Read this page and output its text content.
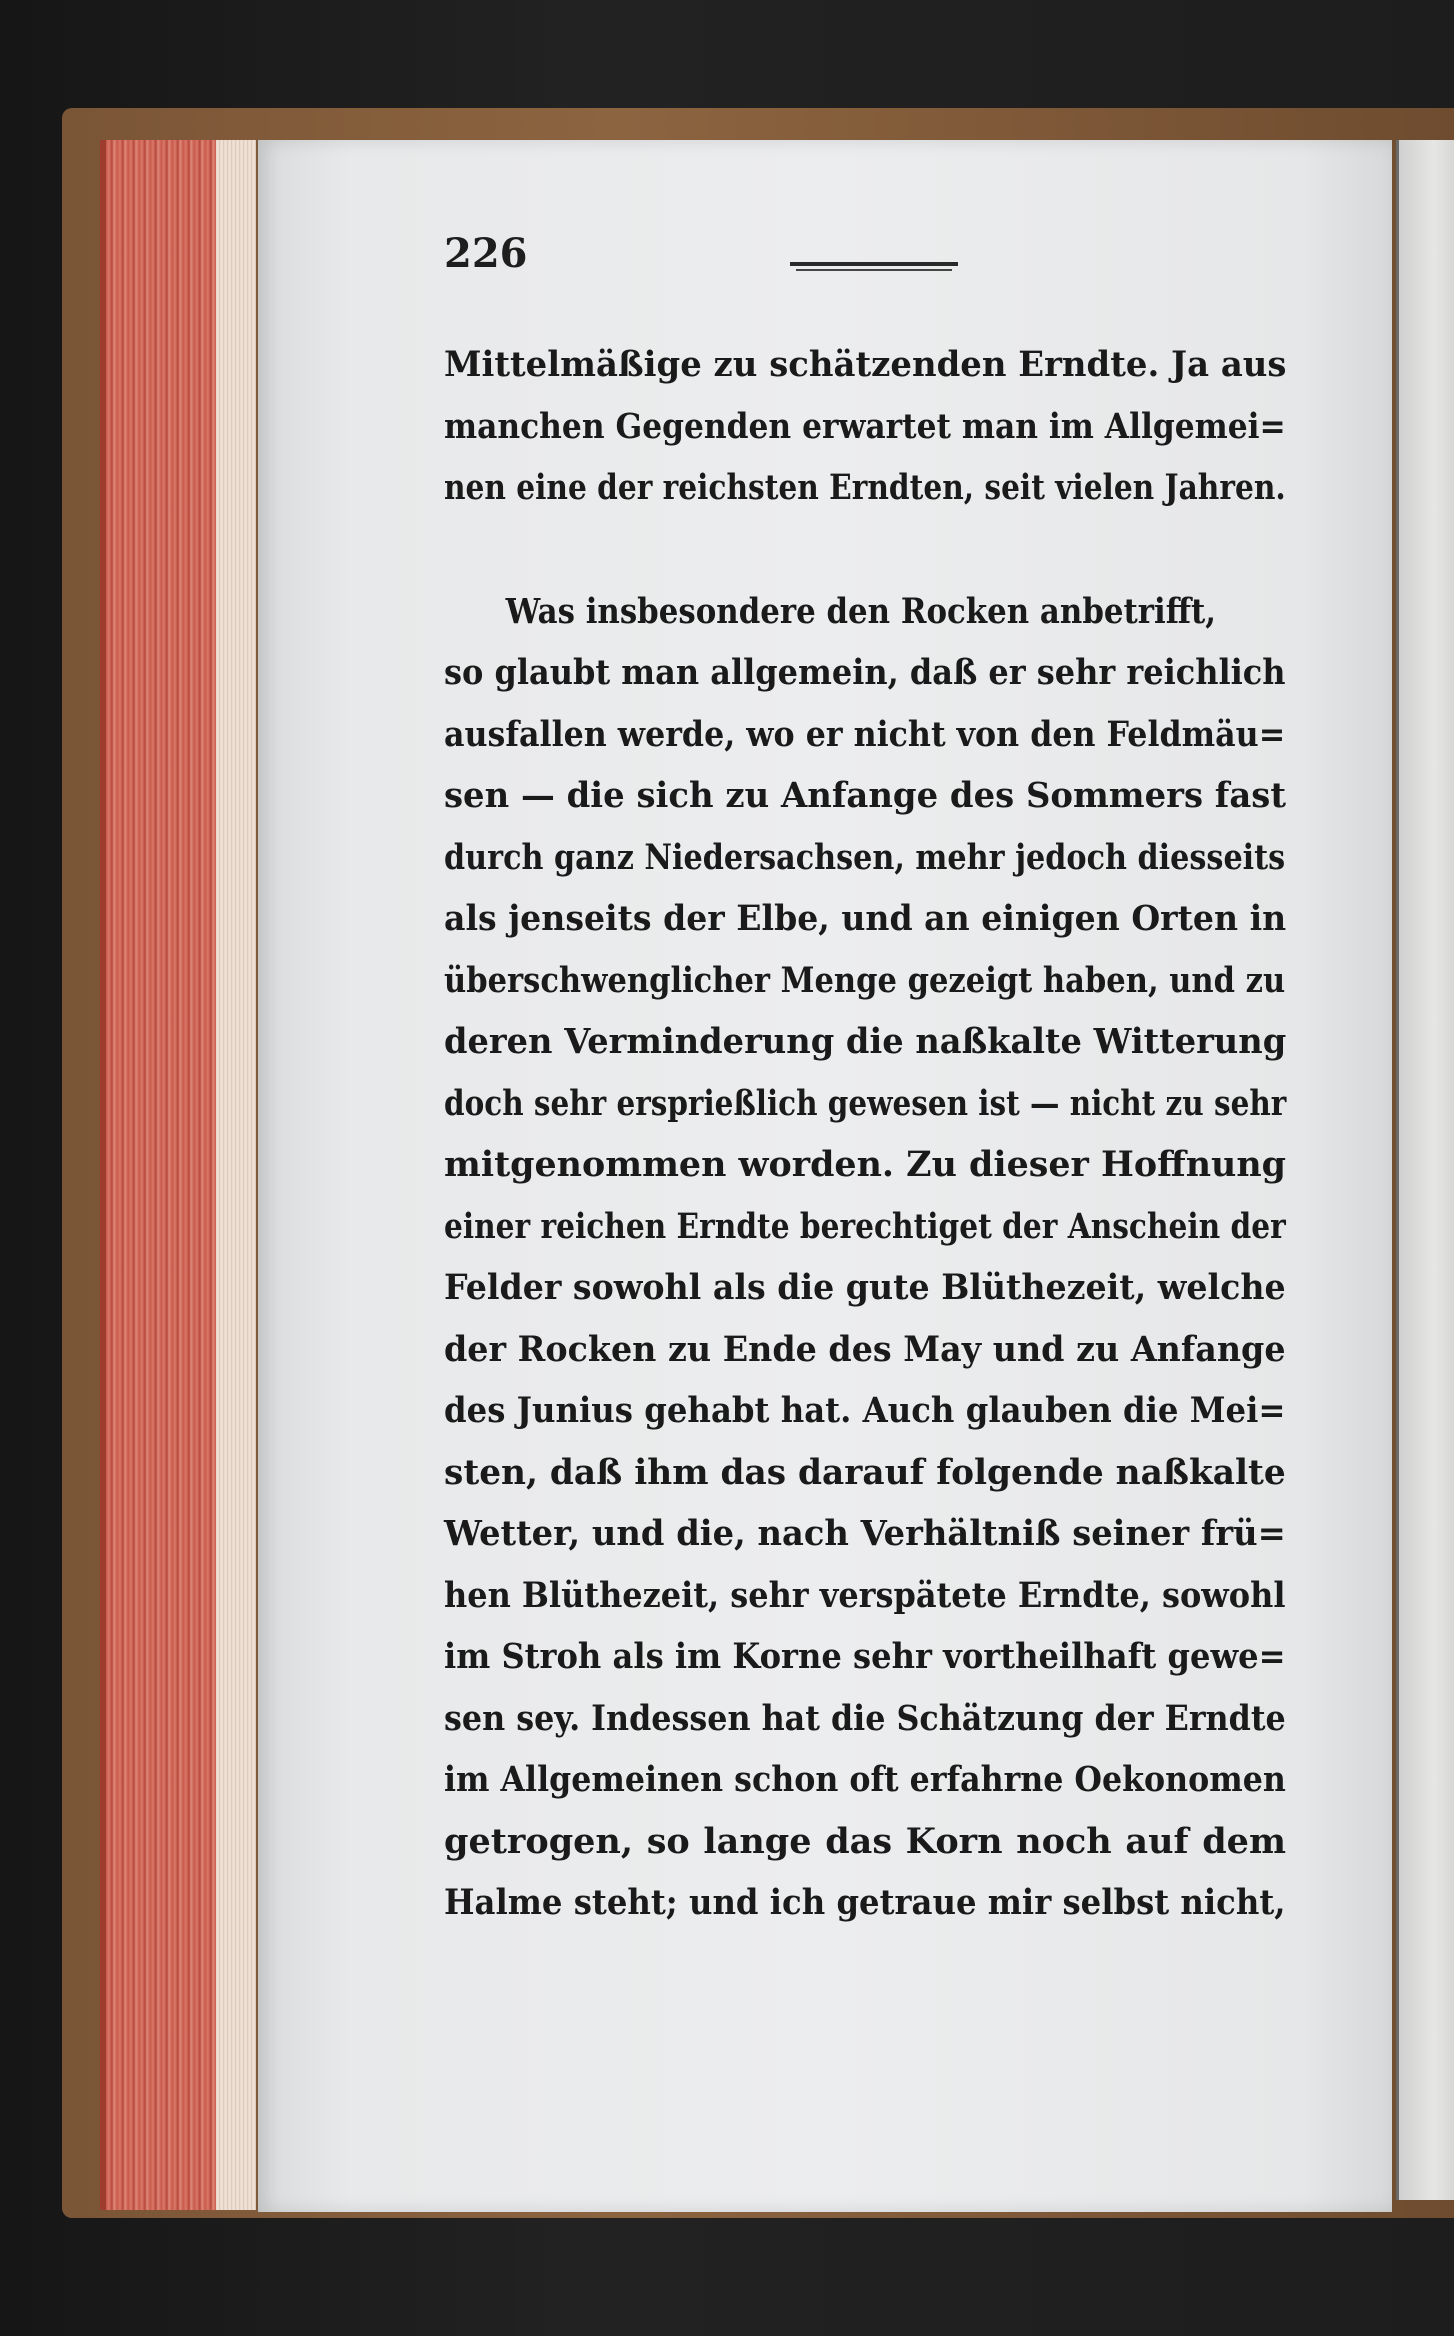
226
Mittelmäßige zu schätzenden Erndte. Ja aus
manchen Gegenden erwartet man im Allgemei=
nen eine der reichsten Erndten, seit vielen Jahren.
Was insbesondere den Rocken anbetrifft,
so glaubt man allgemein, daß er sehr reichlich
ausfallen werde, wo er nicht von den Feldmäu=
sen — die sich zu Anfange des Sommers fast
durch ganz Niedersachsen, mehr jedoch diesseits
als jenseits der Elbe, und an einigen Orten in
überschwenglicher Menge gezeigt haben, und zu
deren Verminderung die naßkalte Witterung
doch sehr ersprießlich gewesen ist — nicht zu sehr
mitgenommen worden. Zu dieser Hoffnung
einer reichen Erndte berechtiget der Anschein der
Felder sowohl als die gute Blüthezeit, welche
der Rocken zu Ende des May und zu Anfange
des Junius gehabt hat. Auch glauben die Mei=
sten, daß ihm das darauf folgende naßkalte
Wetter, und die, nach Verhältniß seiner frü=
hen Blüthezeit, sehr verspätete Erndte, sowohl
im Stroh als im Korne sehr vortheilhaft gewe=
sen sey. Indessen hat die Schätzung der Erndte
im Allgemeinen schon oft erfahrne Oekonomen
getrogen, so lange das Korn noch auf dem
Halme steht; und ich getraue mir selbst nicht,
